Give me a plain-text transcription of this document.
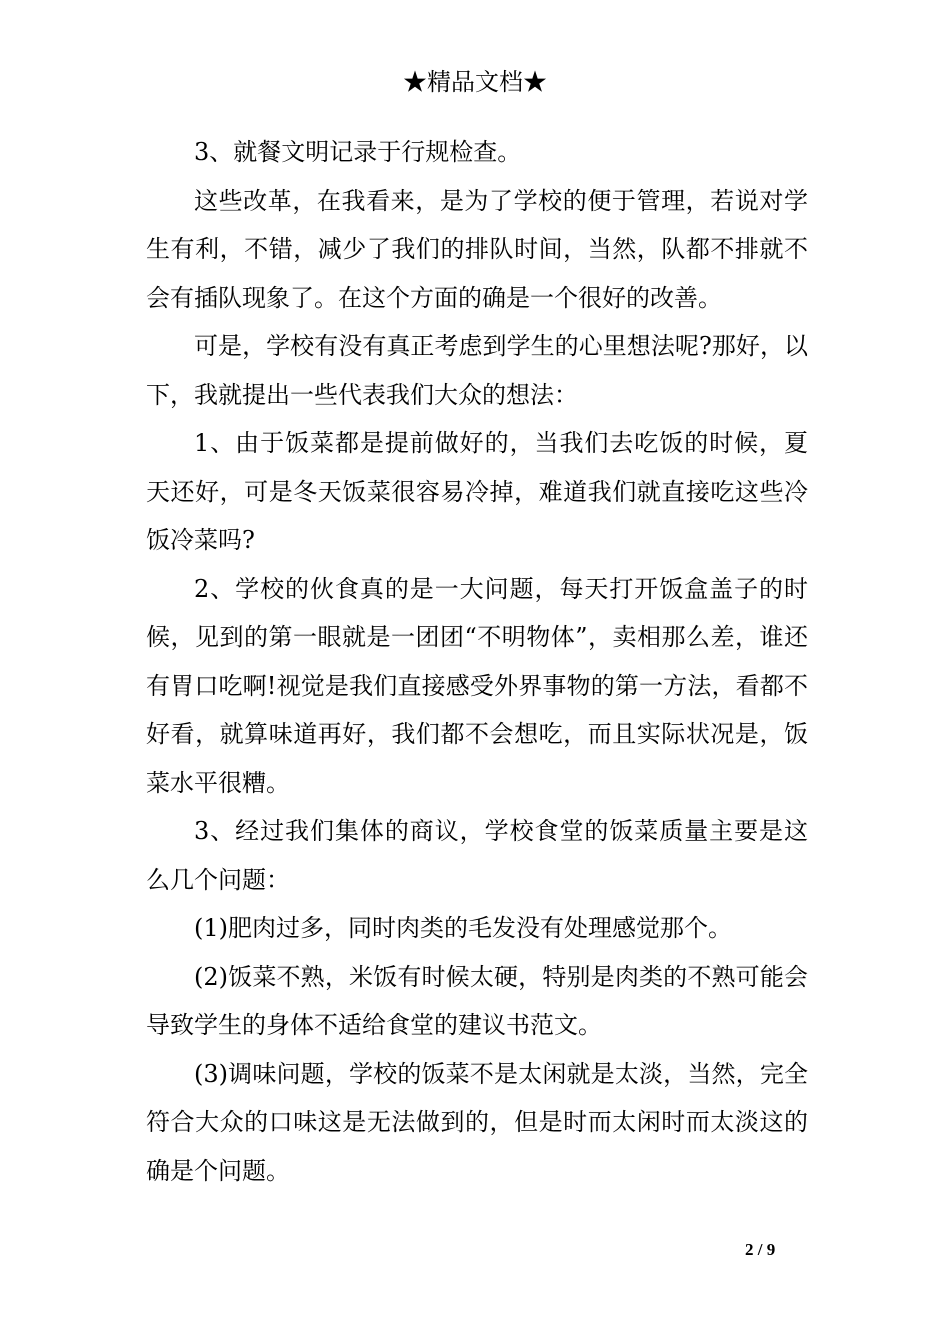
★精品文档★

3、就餐文明记录于行规检查。

这些改革，在我看来，是为了学校的便于管理，若说对学生有利，不错，减少了我们的排队时间，当然，队都不排就不会有插队现象了。在这个方面的确是一个很好的改善。

可是，学校有没有真正考虑到学生的心里想法呢?那好，以下，我就提出一些代表我们大众的想法：

1、由于饭菜都是提前做好的，当我们去吃饭的时候，夏天还好，可是冬天饭菜很容易冷掉，难道我们就直接吃这些冷饭冷菜吗?

2、学校的伙食真的是一大问题，每天打开饭盒盖子的时候，见到的第一眼就是一团团“不明物体”，卖相那么差，谁还有胃口吃啊!视觉是我们直接感受外界事物的第一方法，看都不好看，就算味道再好，我们都不会想吃，而且实际状况是，饭菜水平很糟。

3、经过我们集体的商议，学校食堂的饭菜质量主要是这么几个问题：

(1)肥肉过多，同时肉类的毛发没有处理感觉那个。

(2)饭菜不熟，米饭有时候太硬，特别是肉类的不熟可能会导致学生的身体不适给食堂的建议书范文。

(3)调味问题，学校的饭菜不是太闲就是太淡，当然，完全符合大众的口味这是无法做到的，但是时而太闲时而太淡这的确是个问题。

2 / 9
